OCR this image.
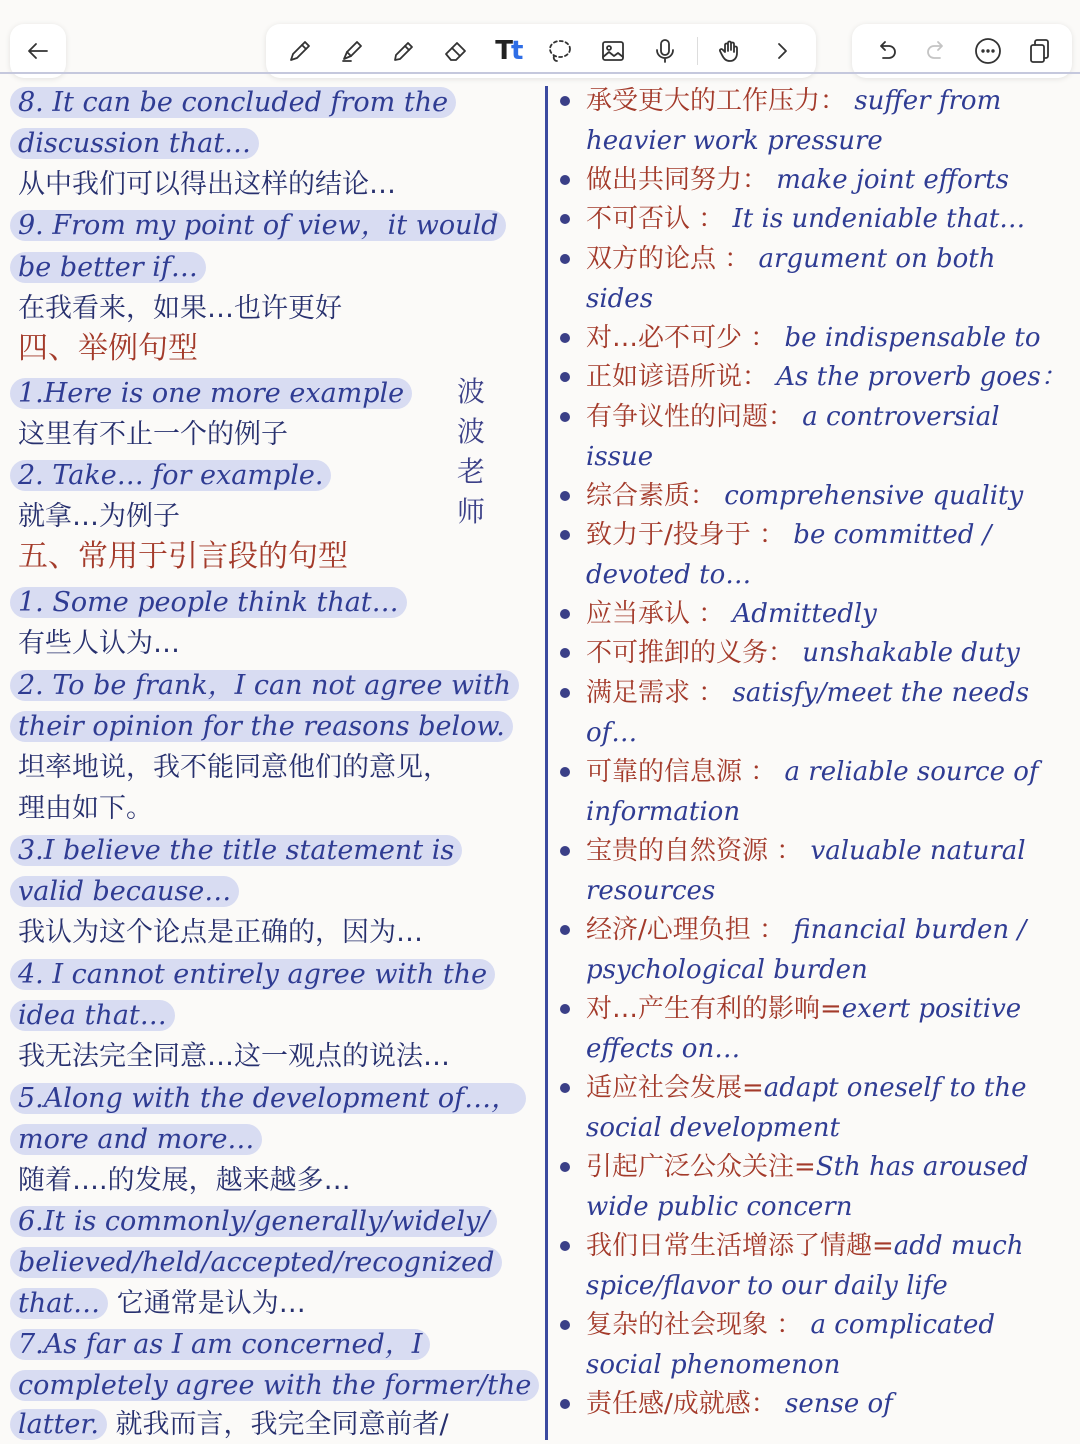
Tt
8. It can be concluded from the
discussion that…
从中我们可以得出这样的结论…
9. From my point of view，it would
be better if…
在我看来，如果…也许更好
四、举例句型
1.Here is one more example
这里有不止一个的例子
2. Take… for example.
就拿…为例子
五、常用于引言段的句型
1. Some people think that…
有些人认为…
2. To be frank，I can not agree with
their opinion for the reasons below.
坦率地说，我不能同意他们的意见，
理由如下。
3.I believe the title statement is
valid because…
我认为这个论点是正确的，因为…
4. I cannot entirely agree with the
idea that…
我无法完全同意…这一观点的说法…
5.Along with the development of…，
more and more…
随着….的发展，越来越多…
6.It is commonly/generally/widely/
believed/held/accepted/recognized
that… 它通常是认为…
7.As far as I am concerned，I
completely agree with the former/the
latter. 就我而言，我完全同意前者/
波
波
老
师
承受更大的工作压力： suffer from
heavier work pressure
做出共同努力： make joint efforts
不可否认 ： It is undeniable that…
双方的论点 ： argument on both
sides
对…必不可少 ： be indispensable to
正如谚语所说： As the proverb goes：
有争议性的问题： a controversial
issue
综合素质： comprehensive quality
致力于/投身于 ： be committed /
devoted to…
应当承认 ： Admittedly
不可推卸的义务： unshakable duty
满足需求 ： satisfy/meet the needs
of…
可靠的信息源 ： a reliable source of
information
宝贵的自然资源 ： valuable natural
resources
经济/心理负担 ： financial burden /
psychological burden
对…产生有利的影响=exert positive
effects on…
适应社会发展=adapt oneself to the
social development
引起广泛公众关注=Sth has aroused
wide public concern
我们日常生活增添了情趣=add much
spice/flavor to our daily life
复杂的社会现象 ： a complicated
social phenomenon
责任感/成就感： sense of
